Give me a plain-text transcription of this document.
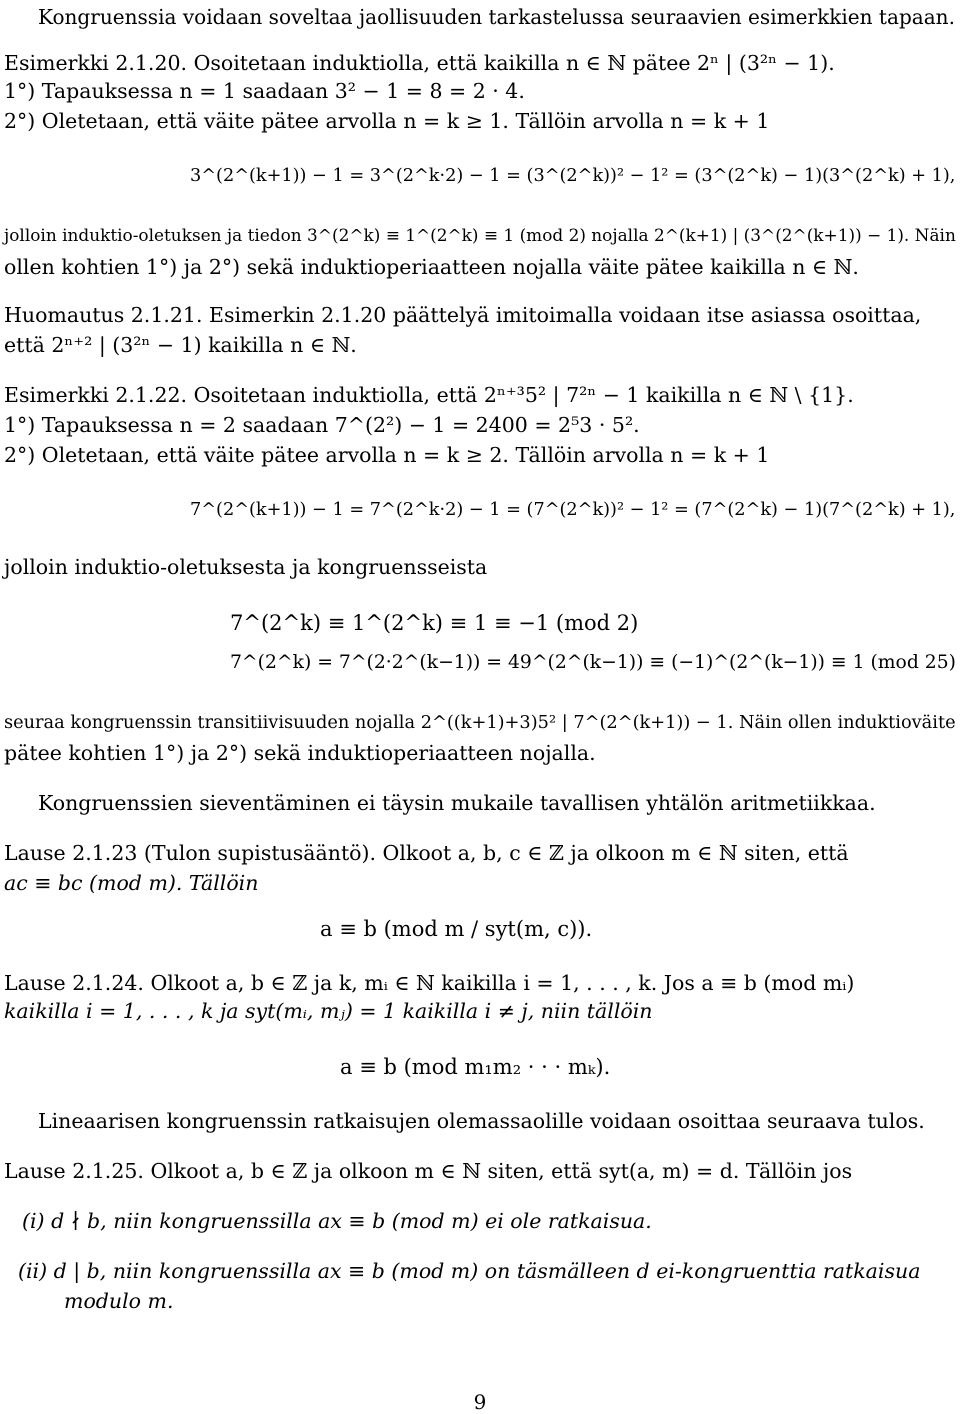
Kongruenssia voidaan soveltaa jaollisuuden tarkastelussa seuraavien esimerkkien tapaan.
Esimerkki 2.1.20. Osoitetaan induktiolla, että kaikilla n ∈ ℕ pätee 2ⁿ | (3²ⁿ − 1).
1°) Tapauksessa n = 1 saadaan 3² − 1 = 8 = 2 · 4.
2°) Oletetaan, että väite pätee arvolla n = k ≥ 1. Tällöin arvolla n = k + 1
3^(2^(k+1)) − 1 = 3^(2^k·2) − 1 = (3^(2^k))² − 1² = (3^(2^k) − 1)(3^(2^k) + 1),
jolloin induktio-oletuksen ja tiedon 3^(2^k) ≡ 1^(2^k) ≡ 1 (mod 2) nojalla 2^(k+1) | (3^(2^(k+1)) − 1). Näin
ollen kohtien 1°) ja 2°) sekä induktioperiaatteen nojalla väite pätee kaikilla n ∈ ℕ.
Huomautus 2.1.21. Esimerkin 2.1.20 päättelyä imitoimalla voidaan itse asiassa osoittaa,
että 2ⁿ⁺² | (3²ⁿ − 1) kaikilla n ∈ ℕ.
Esimerkki 2.1.22. Osoitetaan induktiolla, että 2ⁿ⁺³5² | 7²ⁿ − 1 kaikilla n ∈ ℕ \ {1}.
1°) Tapauksessa n = 2 saadaan 7^(2²) − 1 = 2400 = 2⁵3 · 5².
2°) Oletetaan, että väite pätee arvolla n = k ≥ 2. Tällöin arvolla n = k + 1
7^(2^(k+1)) − 1 = 7^(2^k·2) − 1 = (7^(2^k))² − 1² = (7^(2^k) − 1)(7^(2^k) + 1),
jolloin induktio-oletuksesta ja kongruensseista
7^(2^k) ≡ 1^(2^k) ≡ 1 ≡ −1 (mod 2)
7^(2^k) = 7^(2·2^(k−1)) = 49^(2^(k−1)) ≡ (−1)^(2^(k−1)) ≡ 1 (mod 25)
seuraa kongruenssin transitiivisuuden nojalla 2^((k+1)+3)5² | 7^(2^(k+1)) − 1. Näin ollen induktioväite
pätee kohtien 1°) ja 2°) sekä induktioperiaatteen nojalla.
Kongruenssien sieventäminen ei täysin mukaile tavallisen yhtälön aritmetiikkaa.
Lause 2.1.23 (Tulon supistusääntö). Olkoot a, b, c ∈ ℤ ja olkoon m ∈ ℕ siten, että
ac ≡ bc (mod m). Tällöin
a ≡ b (mod m / syt(m, c)).
Lause 2.1.24. Olkoot a, b ∈ ℤ ja k, mᵢ ∈ ℕ kaikilla i = 1, . . . , k. Jos a ≡ b (mod mᵢ)
kaikilla i = 1, . . . , k ja syt(mᵢ, mⱼ) = 1 kaikilla i ≠ j, niin tällöin
a ≡ b (mod m₁m₂ · · · mₖ).
Lineaarisen kongruenssin ratkaisujen olemassaolille voidaan osoittaa seuraava tulos.
Lause 2.1.25. Olkoot a, b ∈ ℤ ja olkoon m ∈ ℕ siten, että syt(a, m) = d. Tällöin jos
(i) d ∤ b, niin kongruenssilla ax ≡ b (mod m) ei ole ratkaisua.
(ii) d | b, niin kongruenssilla ax ≡ b (mod m) on täsmälleen d ei-kongruenttia ratkaisua
modulo m.
9
